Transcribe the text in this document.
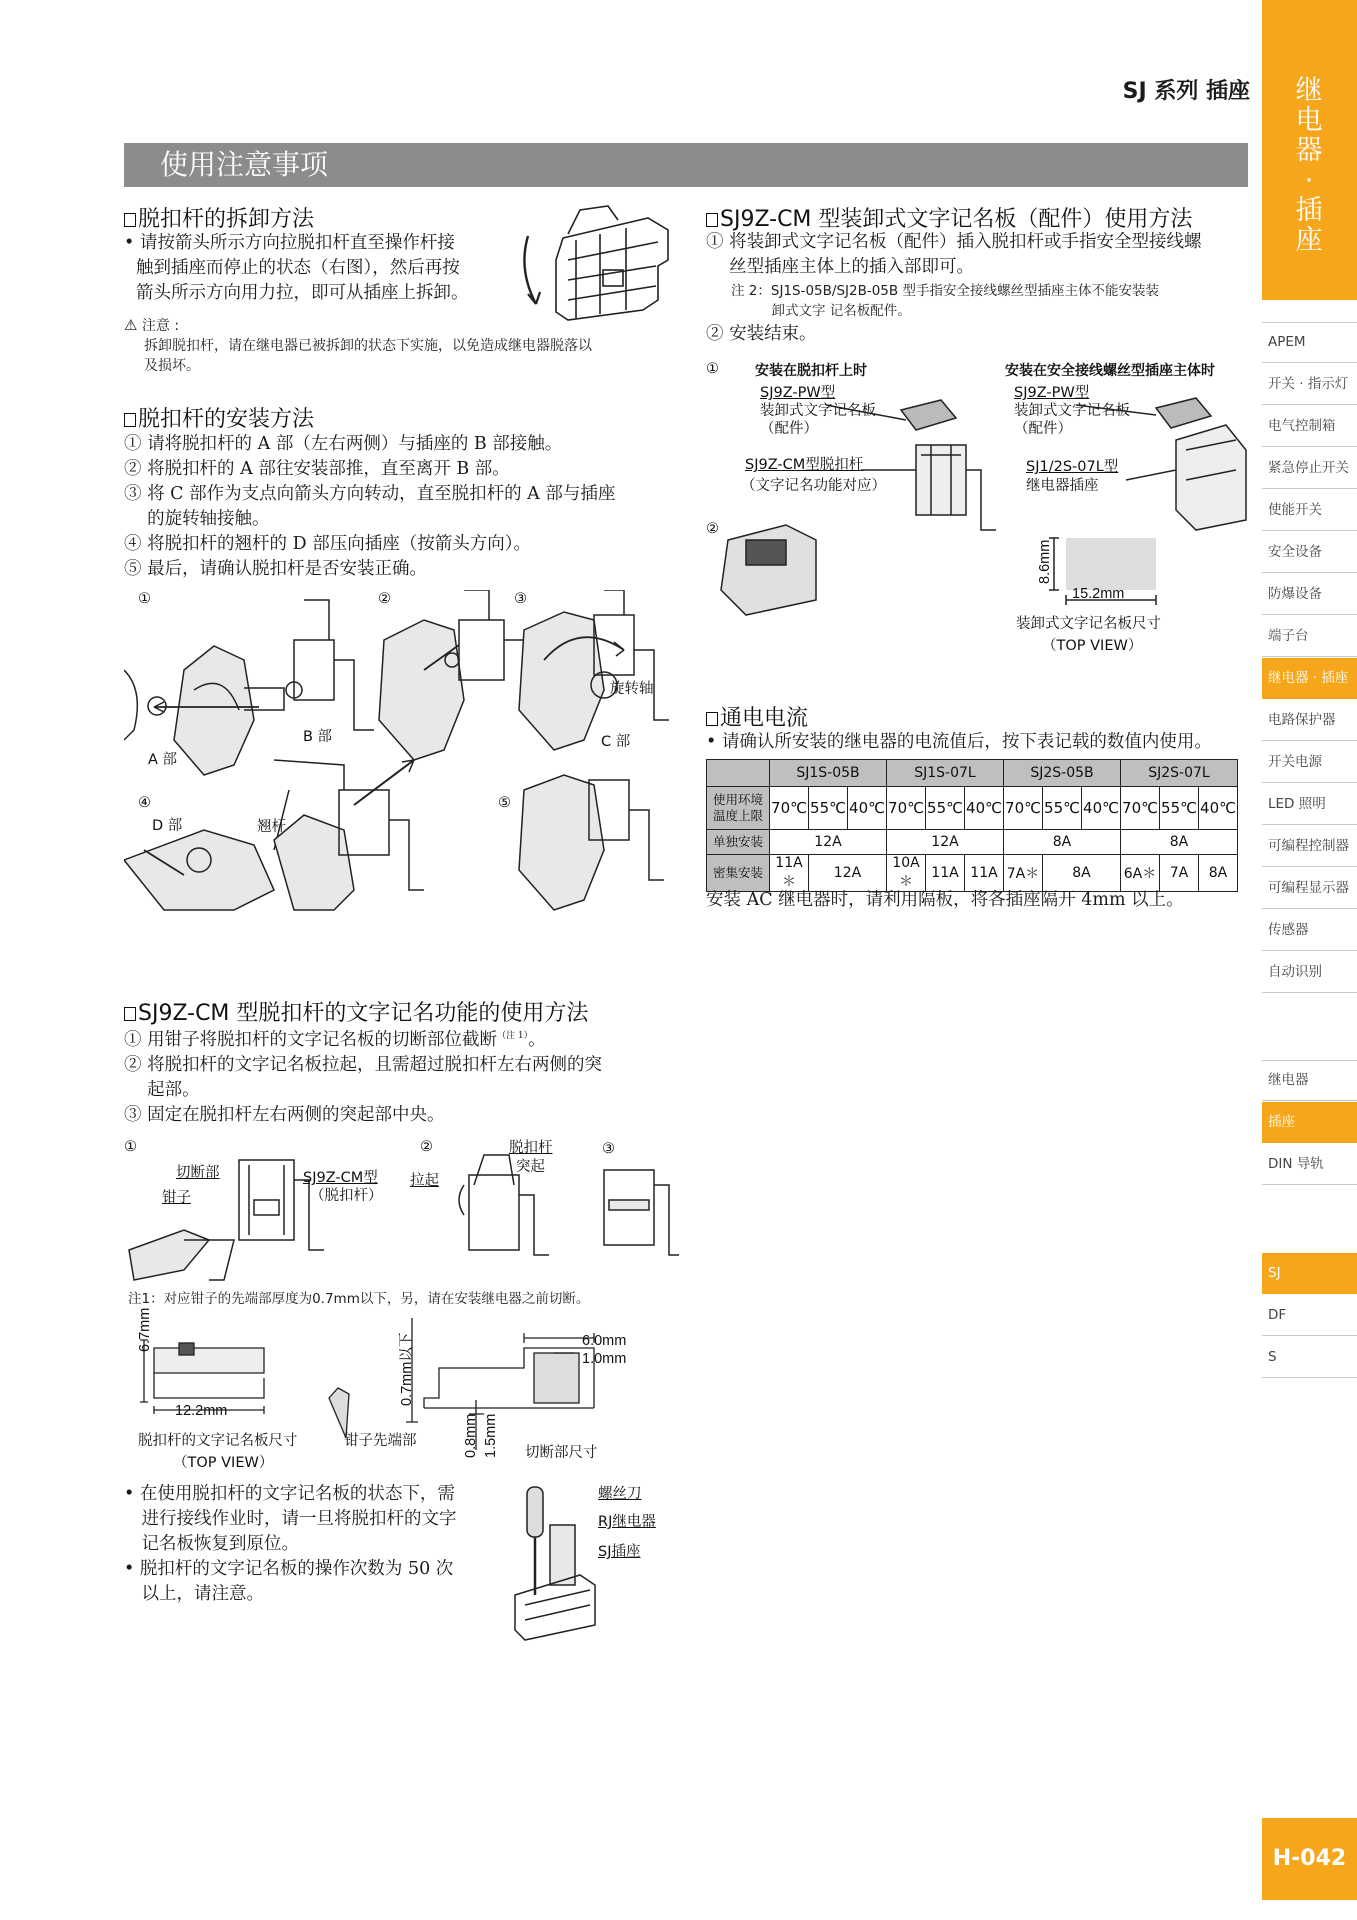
SJ 系列 插座
使用注意事项
继
电
器
·
插
座
APEM
开关 · 指示灯
电气控制箱
紧急停止开关
使能开关
安全设备
防爆设备
端子台
继电器 · 插座
电路保护器
开关电源
LED 照明
可编程控制器
可编程显示器
传感器
自动识别
继电器
插座
DIN 导轨
SJ
DF
S
H-042
脱扣杆的拆卸方法
• 请按箭头所示方向拉脱扣杆直至操作杆接
触到插座而停止的状态（右图），然后再按
箭头所示方向用力拉，即可从插座上拆卸。
⚠ 注意 :
拆卸脱扣杆，请在继电器已被拆卸的状态下实施，以免造成继电器脱落以
及损坏。
脱扣杆的安装方法
① 请将脱扣杆的 A 部（左右两侧）与插座的 B 部接触。
② 将脱扣杆的 A 部往安装部推，直至离开 B 部。
③ 将 C 部作为支点向箭头方向转动，直至脱扣杆的 A 部与插座
　 的旋转轴接触。
④ 将脱扣杆的翘杆的 D 部压向插座（按箭头方向）。
⑤ 最后，请确认脱扣杆是否安装正确。
①	②	③
A 部
B 部	C 部
旋转轴
④
D 部	翘杆
⑤
SJ9Z-CM 型脱扣杆的文字记名功能的使用方法
① 用钳子将脱扣杆的文字记名板的切断部位截断$^{(注 1)}$。
② 将脱扣杆的文字记名板拉起，且需超过脱扣杆左右两侧的突
　 起部。
③ 固定在脱扣杆左右两侧的突起部中央。
①	②	③
切断部
钳子
SJ9Z-CM型
（脱扣杆）
拉起
脱扣杆
突起
注1：对应钳子的先端部厚度为0.7mm以下，另，请在安装继电器之前切断。
6.7mm
12.2mm
脱扣杆的文字记名板尺寸
（TOP VIEW）
0.7mm以下
钳子先端部
6.0mm
1.0mm
0.8mm 1.5mm 切断部尺寸
• 在使用脱扣杆的文字记名板的状态下，需
　进行接线作业时，请一旦将脱扣杆的文字
　记名板恢复到原位。
• 脱扣杆的文字记名板的操作次数为 50 次
　以上，请注意。
螺丝刀
RJ继电器
SJ插座
SJ9Z-CM 型装卸式文字记名板（配件）使用方法
① 将装卸式文字记名板（配件）插入脱扣杆或手指安全型接线螺
　 丝型插座主体上的插入部即可。
注 2：SJ1S-05B/SJ2B-05B 型手指安全接线螺丝型插座主体不能安装装
　　　卸式文字 记名板配件。
② 安装结束。
①	安装在脱扣杆上时	安装在安全接线螺丝型插座主体时
SJ9Z-PW型
装卸式文字记名板
（配件）
SJ9Z-CM型脱扣杆
（文字记名功能对应）
SJ9Z-PW型
装卸式文字记名板
（配件）
SJ1/2S-07L型
继电器插座
②
8.6mm
15.2mm
装卸式文字记名板尺寸
（TOP VIEW）
通电电流
• 请确认所安装的继电器的电流值后，按下表记载的数值内使用。
	SJ1S-05B			SJ1S-07L			SJ2S-05B			SJ2S-07L		

使用环境
温度上限	70℃	55℃	40℃	70℃	55℃	40℃	70℃	55℃	40℃	70℃	55℃	40℃
单独安装	12A			12A			8A			8A		
密集安装	11A＊	12A		10A＊	11A	11A	7A＊	8A		6A＊	7A	8A
安装 AC 继电器时，请利用隔板，将各插座隔开 4mm 以上。
